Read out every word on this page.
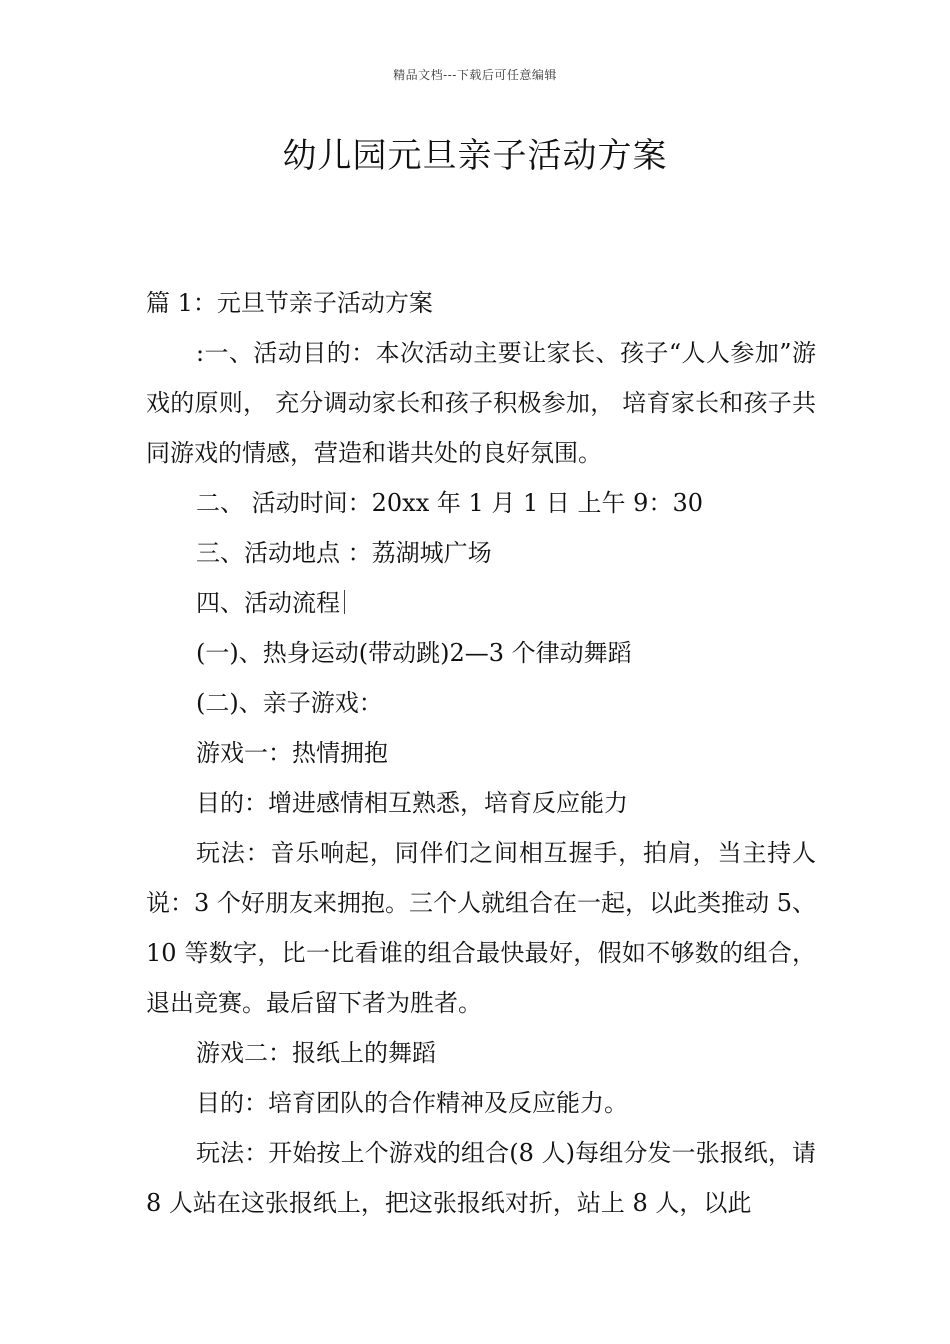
精品文档---下载后可任意编辑
幼儿园元旦亲子活动方案

篇 1：元旦节亲子活动方案

:一、活动目的：本次活动主要让家长、孩子“人人参加”游戏的原则， 充分调动家长和孩子积极参加， 培育家长和孩子共同游戏的情感，营造和谐共处的良好氛围。

二、 活动时间：20xx 年 1 月 1 日 上午 9：30

三、活动地点 ：荔湖城广场

四、活动流程

(一)、热身运动(带动跳)2—3 个律动舞蹈

(二)、亲子游戏：

游戏一：热情拥抱

目的：增进感情相互熟悉，培育反应能力

玩法：音乐响起，同伴们之间相互握手，拍肩，当主持人说：3 个好朋友来拥抱。三个人就组合在一起，以此类推动 5、10 等数字，比一比看谁的组合最快最好，假如不够数的组合，退出竞赛。最后留下者为胜者。

游戏二：报纸上的舞蹈

目的：培育团队的合作精神及反应能力。

玩法：开始按上个游戏的组合(8 人)每组分发一张报纸，请 8 人站在这张报纸上，把这张报纸对折，站上 8 人，以此
